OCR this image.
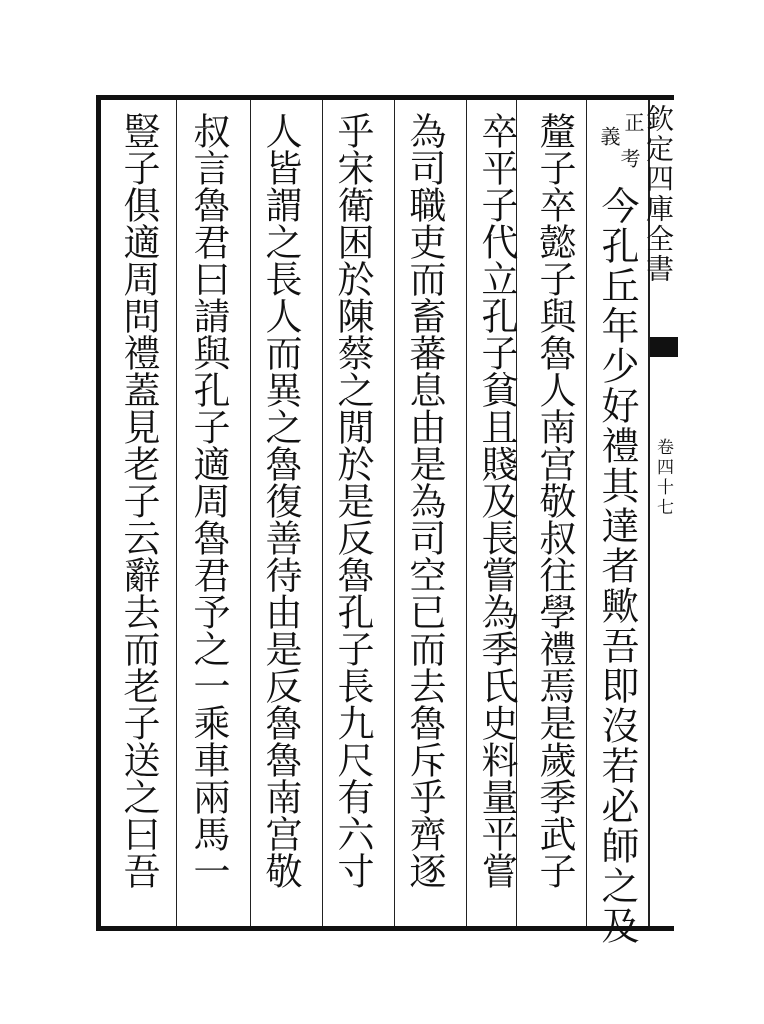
欽定四庫全書
卷四十七
正
義
考
今孔丘年少好禮其達者歟吾即沒若必師之及
釐子卒懿子與魯人南宫敬叔往學禮焉是歲季武子
卒平子代立孔子貧且賤及長嘗為季氏史料量平嘗
為司職吏而畜蕃息由是為司空已而去魯斥乎齊逐
乎宋衛困於陳蔡之閒於是反魯孔子長九尺有六寸
人皆謂之長人而異之魯復善待由是反魯魯南宫敬
叔言魯君曰請與孔子適周魯君予之一乘車兩馬一
豎子俱適周問禮蓋見老子云辭去而老子送之曰吾
